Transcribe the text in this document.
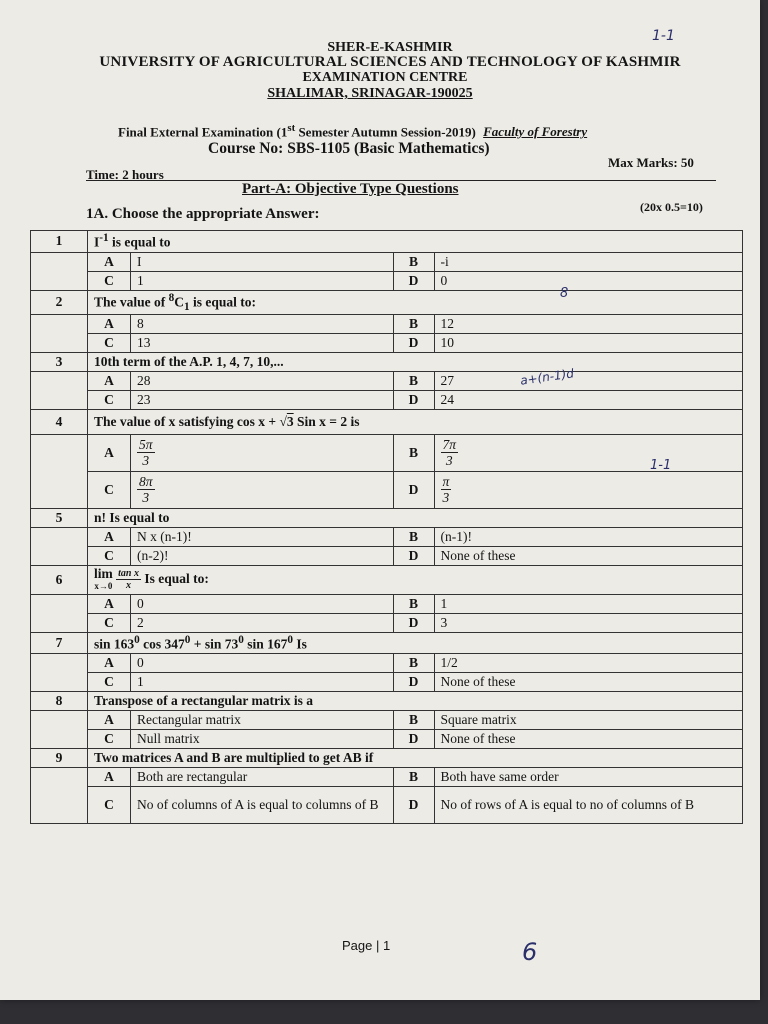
SHER-E-KASHMIR
UNIVERSITY OF AGRICULTURAL SCIENCES AND TECHNOLOGY OF KASHMIR
EXAMINATION CENTRE
SHALIMAR, SRINAGAR-190025
Final External Examination (1st Semester Autumn Session-2019) Faculty of Forestry
Course No: SBS-1105 (Basic Mathematics)
Time: 2 hours
Max Marks: 50
Part-A: Objective Type Questions
(20x 0.5=10)
1A. Choose the appropriate Answer:
1	$I^{-1}$ is equal to			
	A	I	B	-i
	C	1	D	0
2	The value of $^8C_1$ is equal to:			
	A	8	B	12
	C	13	D	10
3	10th term of the A.P. 1, 4, 7, 10,...			
	A	28	B	27
	C	23	D	24
4	The value of x satisfying cos x + √3 Sin x = 2 is			
	A	$\frac{5\pi}{3}$	B	$\frac{7\pi}{3}$

	C	$\frac{8\pi}{3}$	D	$\frac{\pi}{3}$

5	n! Is equal to			
	A	N x (n-1)!	B	(n-1)!
	C	(n-2)!	D	None of these
6	lim
x→0
$\frac{\text{tan x}}{x}$ Is equal to:			
	A	0	B	1
	C	2	D	3
7	$\sin 163^0$ $\cos 347^0 + \sin 73^0$ $\sin 167^0$ Is			
	A	0	B	1/2
	C	1	D	None of these
8	Transpose of a rectangular matrix is a			
	A	Rectangular matrix	B	Square matrix
	C	Null matrix	D	None of these
9	Two matrices A and B are multiplied to get AB if			
	A	Both are rectangular	B	Both have same order
	C	No of columns of A is equal to columns of B	D	No of rows of A is equal to no of columns of B
Page | 1
1-1
8
a+(n-1)d
1-1
6
